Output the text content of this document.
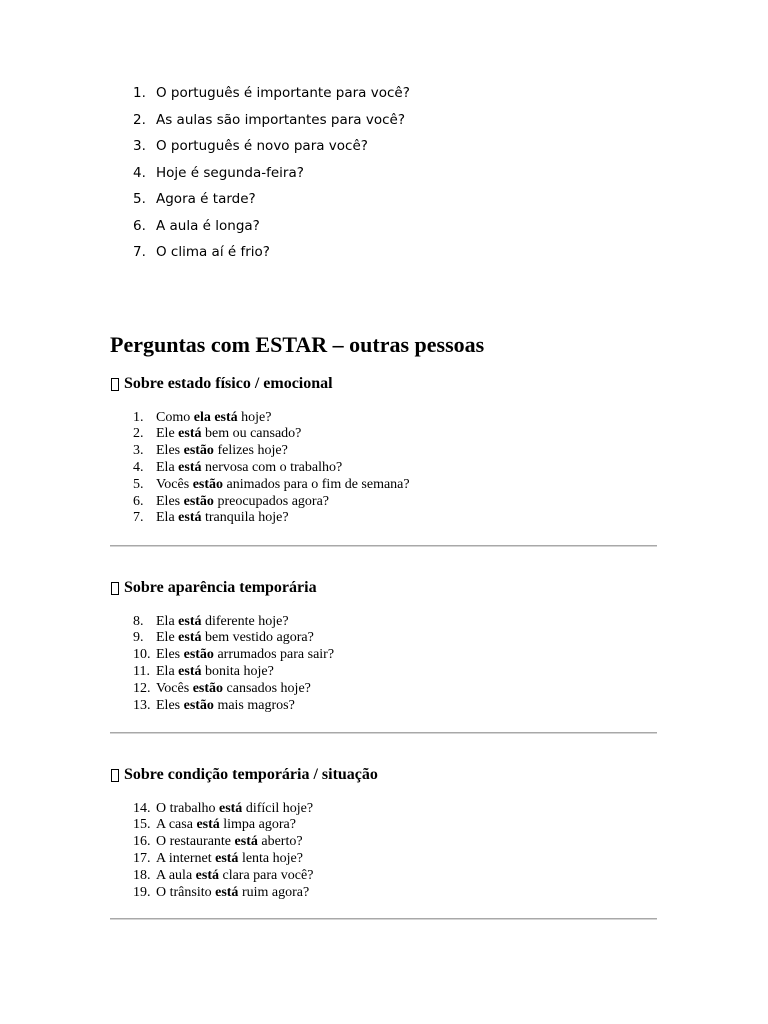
1. O português é importante para você?
2. As aulas são importantes para você?
3. O português é novo para você?
4. Hoje é segunda-feira?
5. Agora é tarde?
6. A aula é longa?
7. O clima aí é frio?
Perguntas com ESTAR – outras pessoas
Sobre estado físico / emocional
1. Como ela está hoje?
2. Ele está bem ou cansado?
3. Eles estão felizes hoje?
4. Ela está nervosa com o trabalho?
5. Vocês estão animados para o fim de semana?
6. Eles estão preocupados agora?
7. Ela está tranquila hoje?
Sobre aparência temporária
8. Ela está diferente hoje?
9. Ele está bem vestido agora?
10. Eles estão arrumados para sair?
11. Ela está bonita hoje?
12. Vocês estão cansados hoje?
13. Eles estão mais magros?
Sobre condição temporária / situação
14. O trabalho está difícil hoje?
15. A casa está limpa agora?
16. O restaurante está aberto?
17. A internet está lenta hoje?
18. A aula está clara para você?
19. O trânsito está ruim agora?
